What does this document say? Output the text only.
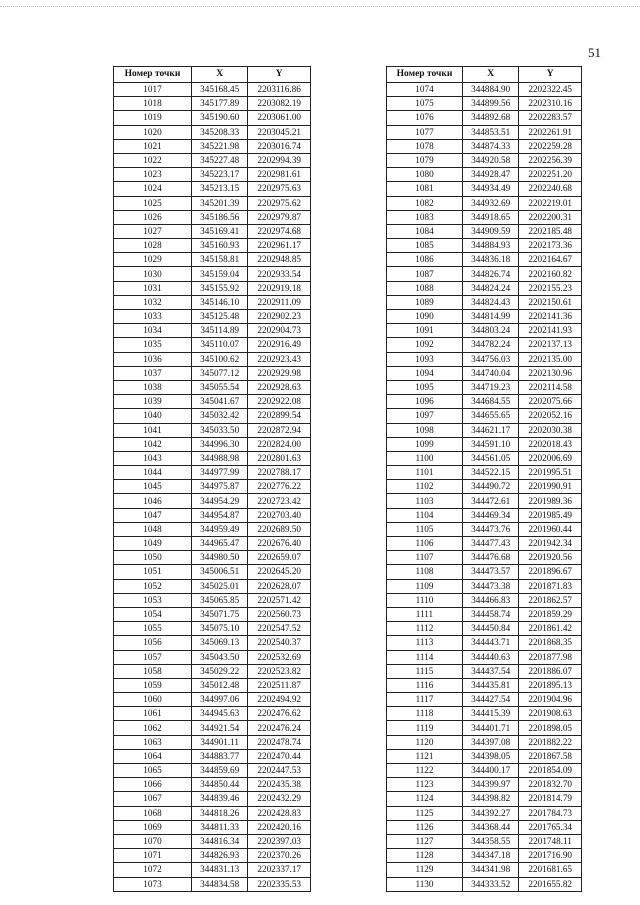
51
Номер точки	X	Y
1017	345168.45	2203116.86
1018	345177.89	2203082.19
1019	345190.60	2203061.00
1020	345208.33	2203045.21
1021	345221.98	2203016.74
1022	345227.48	2202994.39
1023	345223.17	2202981.61
1024	345213.15	2202975.63
1025	345201.39	2202975.62
1026	345186.56	2202979.87
1027	345169.41	2202974.68
1028	345160.93	2202961.17
1029	345158.81	2202948.85
1030	345159.04	2202933.54
1031	345155.92	2202919.18
1032	345146.10	2202911.09
1033	345125.48	2202902.23
1034	345114.89	2202904.73
1035	345110.07	2202916.49
1036	345100.62	2202923.43
1037	345077.12	2202929.98
1038	345055.54	2202928.63
1039	345041.67	2202922.08
1040	345032.42	2202899.54
1041	345033.50	2202872.94
1042	344996.30	2202824.00
1043	344988.98	2202801.63
1044	344977.99	2202788.17
1045	344975.87	2202776.22
1046	344954.29	2202723.42
1047	344954.87	2202703.40
1048	344959.49	2202689.50
1049	344965.47	2202676.40
1050	344980.50	2202659.07
1051	345006.51	2202645.20
1052	345025.01	2202628.07
1053	345065.85	2202571.42
1054	345071.75	2202560.73
1055	345075.10	2202547.52
1056	345069.13	2202540.37
1057	345043.50	2202532.69
1058	345029.22	2202523.82
1059	345012.48	2202511.87
1060	344997.06	2202494.92
1061	344945.63	2202476.62
1062	344921.54	2202476.24
1063	344901.11	2202478.74
1064	344883.77	2202470.44
1065	344859.69	2202447.53
1066	344850.44	2202435.38
1067	344839.46	2202432.29
1068	344818.26	2202428.83
1069	344811.33	2202420.16
1070	344816.34	2202397.03
1071	344826.93	2202370.26
1072	344831.13	2202337.17
1073	344834.58	2202335.53
Номер точки	X	Y
1074	344884.90	2202322.45
1075	344899.56	2202310.16
1076	344892.68	2202283.57
1077	344853.51	2202261.91
1078	344874.33	2202259.28
1079	344920.58	2202256.39
1080	344928.47	2202251.20
1081	344934.49	2202240.68
1082	344932.69	2202219.01
1083	344918.65	2202200.31
1084	344909.59	2202185.48
1085	344884.93	2202173.36
1086	344836.18	2202164.67
1087	344826.74	2202160.82
1088	344824.24	2202155.23
1089	344824.43	2202150.61
1090	344814.99	2202141.36
1091	344803.24	2202141.93
1092	344782.24	2202137.13
1093	344756.03	2202135.00
1094	344740.04	2202130.96
1095	344719.23	2202114.58
1096	344684.55	2202075.66
1097	344655.65	2202052.16
1098	344621.17	2202030.38
1099	344591.10	2202018.43
1100	344561.05	2202006.69
1101	344522.15	2201995.51
1102	344490.72	2201990.91
1103	344472.61	2201989.36
1104	344469.34	2201985.49
1105	344473.76	2201960.44
1106	344477.43	2201942.34
1107	344476.68	2201920.56
1108	344473.57	2201896.67
1109	344473.38	2201871.83
1110	344466.83	2201862.57
1111	344458.74	2201859.29
1112	344450.84	2201861.42
1113	344443.71	2201868.35
1114	344440.63	2201877.98
1115	344437.54	2201886.07
1116	344435.81	2201895.13
1117	344427.54	2201904.96
1118	344415.39	2201908.63
1119	344401.71	2201898.05
1120	344397.08	2201882.22
1121	344398.05	2201867.58
1122	344400.17	2201854.09
1123	344399.97	2201832.70
1124	344398.82	2201814.79
1125	344392.27	2201784.73
1126	344368.44	2201765.34
1127	344358.55	2201748.11
1128	344347.18	2201716.90
1129	344341.98	2201681.65
1130	344333.52	2201655.82
